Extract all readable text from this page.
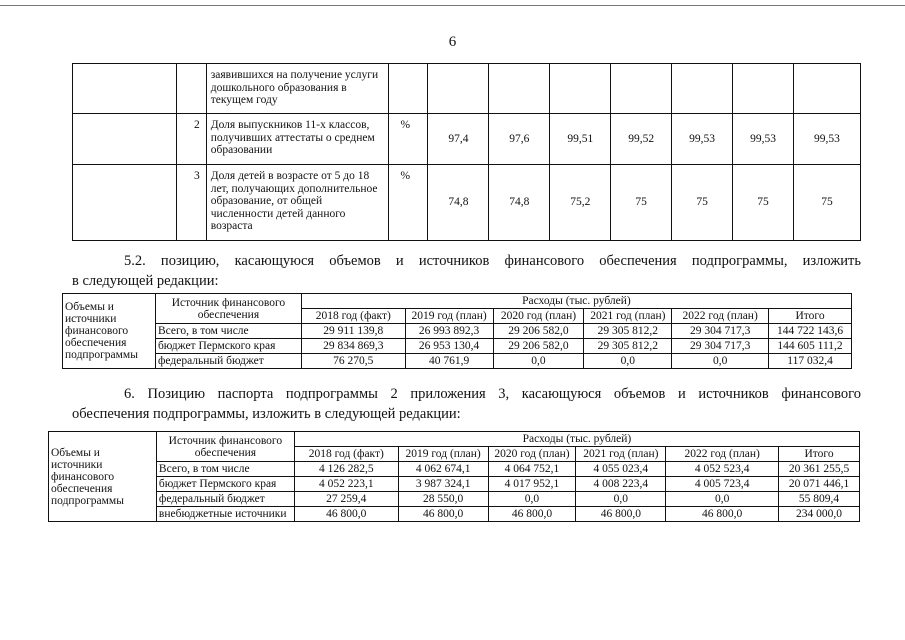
6
		заявившихся на получение услуги дошкольного образования в текущем году								
	2	Доля выпускников 11-х классов, получивших аттестаты о среднем образовании	%	97,4	97,6	99,51	99,52	99,53	99,53	99,53
	3	Доля детей в возрасте от 5 до 18 лет, получающих дополнительное образование, от общей численности детей данного возраста	%	74,8	74,8	75,2	75	75	75	75
5.2. позицию, касающуюся объемов и источников финансового обеспечения подпрограммы, изложить
в следующей редакции:
Объемы и источники финансового обеспечения подпрограммы	Источник финансового обеспечения	Расходы (тыс. рублей)					
		2018 год (факт)	2019 год (план)	2020 год (план)	2021 год (план)	2022 год (план)	Итого
	Всего, в том числе	29 911 139,8	26 993 892,3	29 206 582,0	29 305 812,2	29 304 717,3	144 722 143,6
	бюджет Пермского края	29 834 869,3	26 953 130,4	29 206 582,0	29 305 812,2	29 304 717,3	144 605 111,2
	федеральный бюджет	76 270,5	40 761,9	0,0	0,0	0,0	117 032,4
6. Позицию паспорта подпрограммы 2 приложения 3, касающуюся объемов и источников финансового
обеспечения подпрограммы, изложить в следующей редакции:
Объемы и источники финансового обеспечения подпрограммы	Источник финансового обеспечения	Расходы (тыс. рублей)					
		2018 год (факт)	2019 год (план)	2020 год (план)	2021 год (план)	2022 год (план)	Итого
	Всего, в том числе	4 126 282,5	4 062 674,1	4 064 752,1	4 055 023,4	4 052 523,4	20 361 255,5
	бюджет Пермского края	4 052 223,1	3 987 324,1	4 017 952,1	4 008 223,4	4 005 723,4	20 071 446,1
	федеральный бюджет	27 259,4	28 550,0	0,0	0,0	0,0	55 809,4
	внебюджетные источники	46 800,0	46 800,0	46 800,0	46 800,0	46 800,0	234 000,0
